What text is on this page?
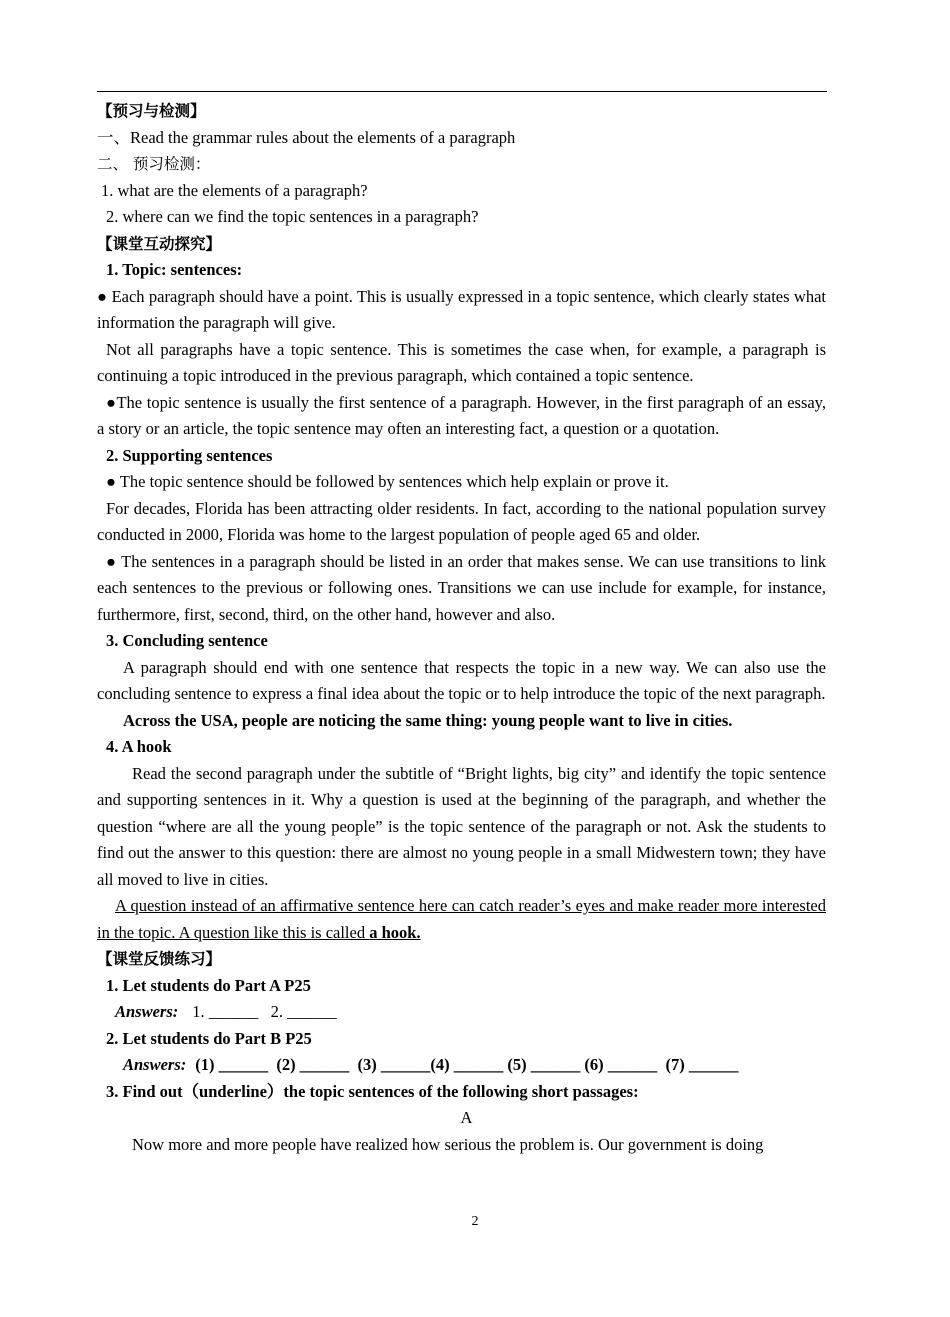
【预习与检测】

一、Read the grammar rules about the elements of a paragraph

二、 预习检测：

1. what are the elements of a paragraph?

2. where can we find the topic sentences in a paragraph?

【课堂互动探究】

1. Topic: sentences:

● Each paragraph should have a point. This is usually expressed in a topic sentence, which clearly states what information the paragraph will give.

Not all paragraphs have a topic sentence. This is sometimes the case when, for example, a paragraph is continuing a topic introduced in the previous paragraph, which contained a topic sentence.

●The topic sentence is usually the first sentence of a paragraph. However, in the first paragraph of an essay, a story or an article, the topic sentence may often an interesting fact, a question or a quotation.

2. Supporting sentences

● The topic sentence should be followed by sentences which help explain or prove it.

For decades, Florida has been attracting older residents. In fact, according to the national population survey conducted in 2000, Florida was home to the largest population of people aged 65 and older.

● The sentences in a paragraph should be listed in an order that makes sense. We can use transitions to link each sentences to the previous or following ones. Transitions we can use include for example, for instance, furthermore, first, second, third, on the other hand, however and also.

3. Concluding sentence

A paragraph should end with one sentence that respects the topic in a new way. We can also use the concluding sentence to express a final idea about the topic or to help introduce the topic of the next paragraph.

Across the USA, people are noticing the same thing: young people want to live in cities.

4. A hook

Read the second paragraph under the subtitle of “Bright lights, big city” and identify the topic sentence and supporting sentences in it. Why a question is used at the beginning of the paragraph, and whether the question “where are all the young people” is the topic sentence of the paragraph or not. Ask the students to find out the answer to this question: there are almost no young people in a small Midwestern town; they have all moved to live in cities.

A question instead of an affirmative sentence here can catch reader’s eyes and make reader more interested in the topic. A question like this is called a hook.

【课堂反馈练习】

1. Let students do Part A P25

Answers: 1. ______   2. ______

2. Let students do Part B P25

Answers: (1) ______  (2) ______  (3) ______(4) ______ (5) ______ (6) ______  (7) ______

3. Find out（underline）the topic sentences of the following short passages:

A

Now more and more people have realized how serious the problem is. Our government is doing

2
